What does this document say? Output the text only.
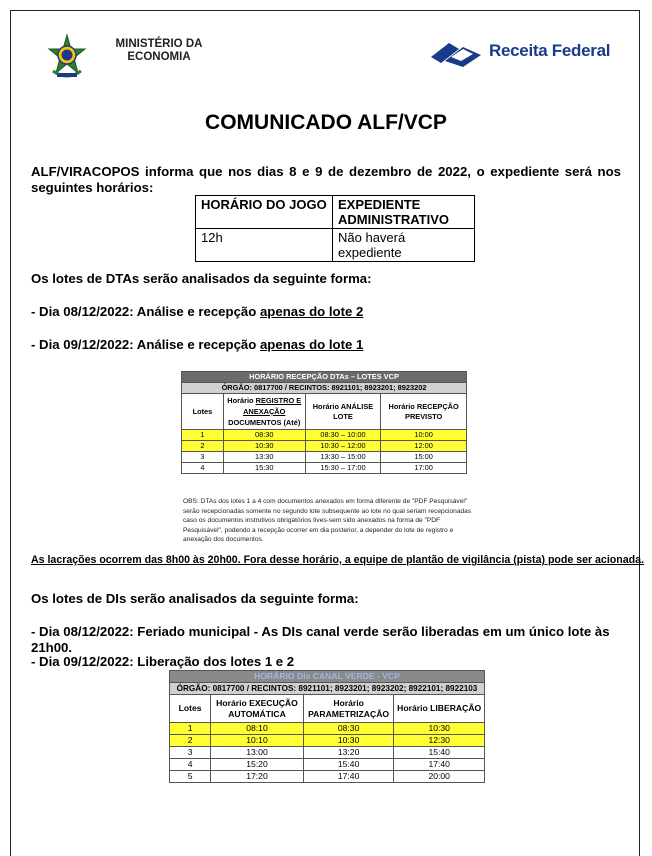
MINISTÉRIO DA
ECONOMIA	Receita Federal
COMUNICADO ALF/VCP
ALF/VIRACOPOS informa que nos dias 8 e 9 de dezembro de 2022, o expediente será nos seguintes horários:
HORÁRIO DO JOGO	EXPEDIENTE ADMINISTRATIVO
12h	Não haverá expediente
Os lotes de DTAs serão analisados da seguinte forma:
- Dia 08/12/2022: Análise e recepção apenas do lote 2
- Dia 09/12/2022: Análise e recepção apenas do lote 1
HORÁRIO RECEPÇÃO DTAs – LOTES VCP			
ÓRGÃO: 0817700 / RECINTOS: 8921101; 8923201; 8923202			
Lotes	Horário REGISTRO E ANEXAÇÃO DOCUMENTOS (Até)	Horário ANÁLISE LOTE	Horário RECEPÇÃO PREVISTO
1	08:30	08:30 – 10:00	10:00
2	10:30	10:30 – 12:00	12:00
3	13:30	13:30 – 15:00	15:00
4	15:30	15:30 – 17:00	17:00
OBS: DTAs dos lotes 1 a 4 com documentos anexados em forma diferente de "PDF Pesquisável" serão recepcionadas somente no segundo lote subsequente ao lote no qual seriam recepcionadas caso os documentos instrutivos obrigatórios tives-sem sido anexados na forma de "PDF Pesquisável", podendo a recepção ocorrer em dia posterior, a depender do lote de registro e anexação dos documentos.
As lacrações ocorrem das 8h00 às 20h00. Fora desse horário, a equipe de plantão de vigilância (pista) pode ser acionada.
Os lotes de DIs serão analisados da seguinte forma:
- Dia 08/12/2022: Feriado municipal - As DIs canal verde serão liberadas em um único lote às 21h00.
- Dia 09/12/2022: Liberação dos lotes 1 e 2
HORÁRIO DIs CANAL VERDE - VCP			
ÓRGÃO: 0817700 / RECINTOS: 8921101; 8923201; 8923202; 8922101; 8922103			
Lotes	Horário EXECUÇÃO AUTOMÁTICA	Horário PARAMETRIZAÇÃO	Horário LIBERAÇÃO
1	08:10	08:30	10:30
2	10:10	10:30	12:30
3	13:00	13:20	15:40
4	15:20	15:40	17:40
5	17:20	17:40	20:00
